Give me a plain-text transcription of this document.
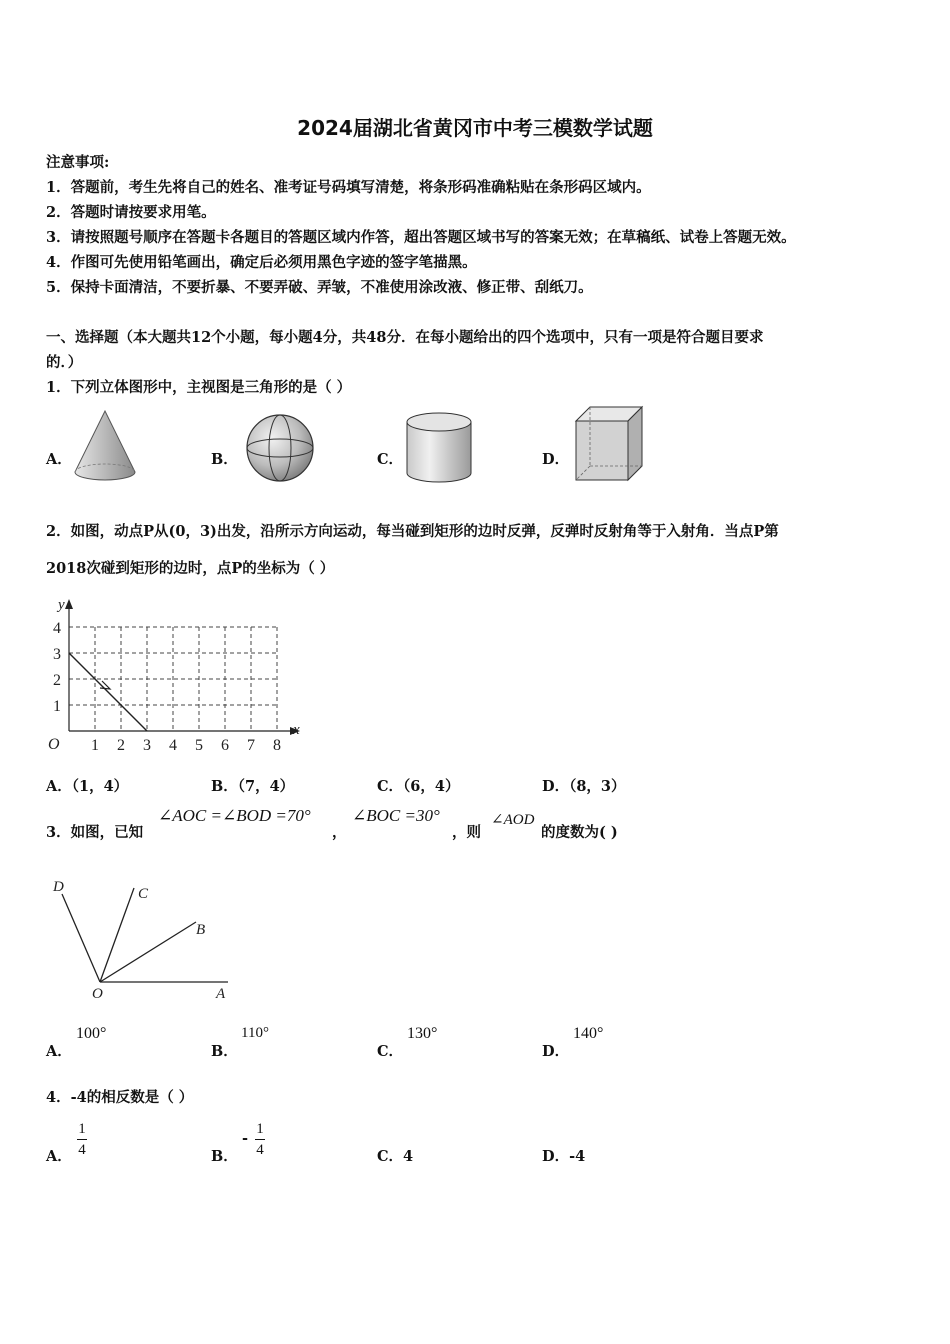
2024届湖北省黄冈市中考三模数学试题
注意事项:
1．答题前，考生先将自己的姓名、准考证号码填写清楚，将条形码准确粘贴在条形码区域内。
2．答题时请按要求用笔。
3．请按照题号顺序在答题卡各题目的答题区域内作答，超出答题区域书写的答案无效；在草稿纸、试卷上答题无效。
4．作图可先使用铅笔画出，确定后必须用黑色字迹的签字笔描黑。
5．保持卡面清洁，不要折暴、不要弄破、弄皱，不准使用涂改液、修正带、刮纸刀。
一、选择题（本大题共12个小题，每小题4分，共48分．在每小题给出的四个选项中，只有一项是符合题目要求
的．）
1．下列立体图形中，主视图是三角形的是（ ）
A．	B．	C．	D．
2．如图，动点P从(0，3)出发，沿所示方向运动，每当碰到矩形的边时反弹，反弹时反射角等于入射角．当点P第
2018次碰到矩形的边时，点P的坐标为（ ）
y
x
O 1 2 3 4 5 6 7 8
1
2
3
4
A．（1，4）	B．（7，4）	C．（6，4）	D．（8，3）
3．如图，已知
∠AOC =∠BOD =70°
，
∠BOC =30°
，则
∠AOD
的度数为( )
D	C
B
O	A
A．
100°
B．
110°
C．
130°
D．
140°
4．-4的相反数是（ ）
A． $\frac{1}{4}$	B．
- $\frac{1}{4}$	C．4	D．-4
